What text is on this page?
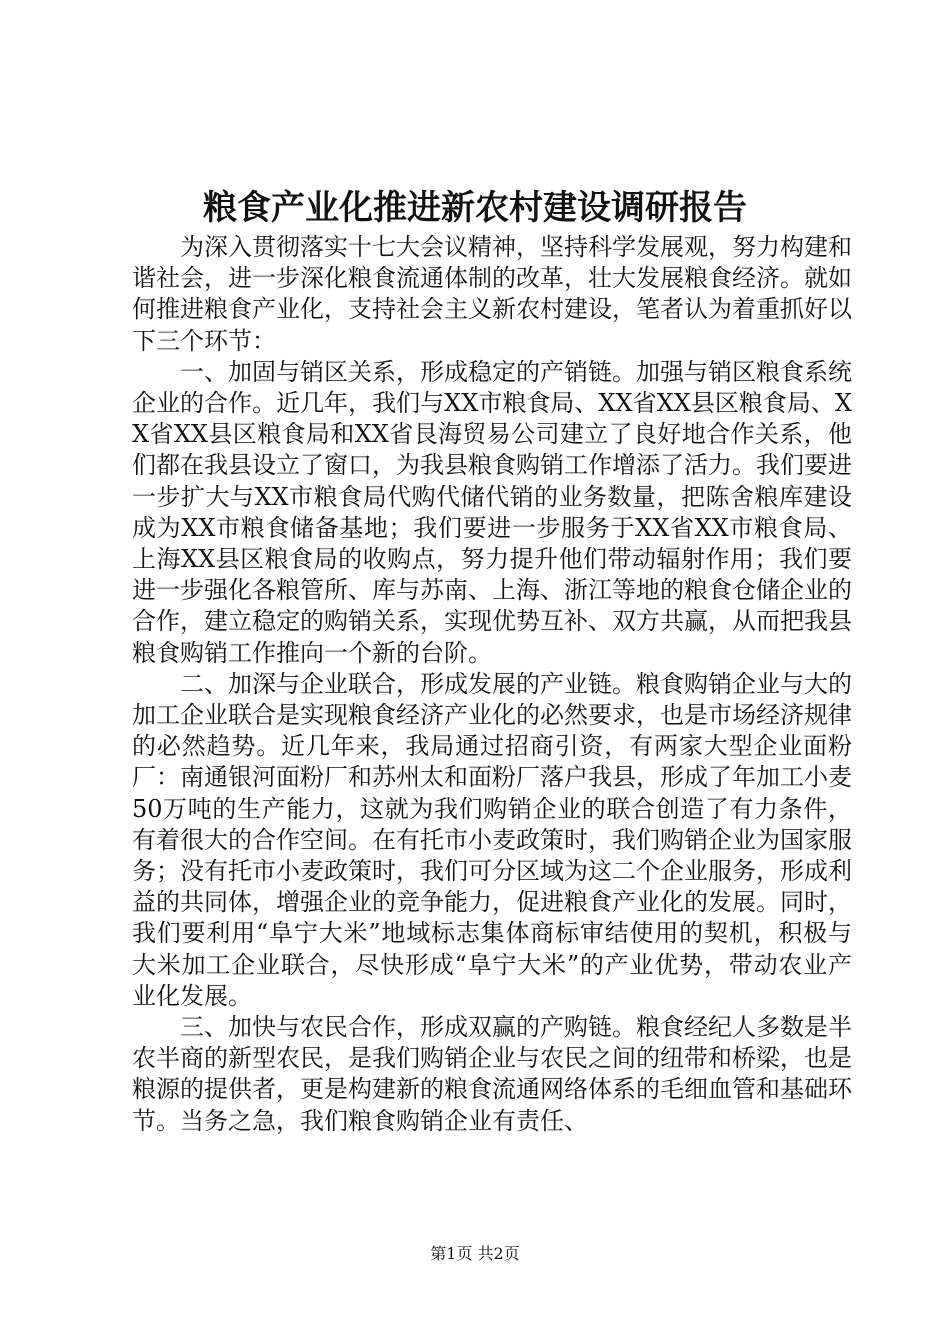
粮食产业化推进新农村建设调研报告

为深入贯彻落实十七大会议精神，坚持科学发展观，努力构建和谐社会，进一步深化粮食流通体制的改革，壮大发展粮食经济。就如何推进粮食产业化，支持社会主义新农村建设，笔者认为着重抓好以下三个环节：

一、加固与销区关系，形成稳定的产销链。加强与销区粮食系统企业的合作。近几年，我们与XX市粮食局、XX省XX县区粮食局、XX省XX县区粮食局和XX省艮海贸易公司建立了良好地合作关系，他们都在我县设立了窗口，为我县粮食购销工作增添了活力。我们要进一步扩大与XX市粮食局代购代储代销的业务数量，把陈舍粮库建设成为XX市粮食储备基地；我们要进一步服务于XX省XX市粮食局、上海XX县区粮食局的收购点，努力提升他们带动辐射作用；我们要进一步强化各粮管所、库与苏南、上海、浙江等地的粮食仓储企业的合作，建立稳定的购销关系，实现优势互补、双方共赢，从而把我县粮食购销工作推向一个新的台阶。

二、加深与企业联合，形成发展的产业链。粮食购销企业与大的加工企业联合是实现粮食经济产业化的必然要求，也是市场经济规律的必然趋势。近几年来，我局通过招商引资，有两家大型企业面粉厂：南通银河面粉厂和苏州太和面粉厂落户我县，形成了年加工小麦50万吨的生产能力，这就为我们购销企业的联合创造了有力条件，有着很大的合作空间。在有托市小麦政策时，我们购销企业为国家服务；没有托市小麦政策时，我们可分区域为这二个企业服务，形成利益的共同体，增强企业的竞争能力，促进粮食产业化的发展。同时，我们要利用“阜宁大米”地域标志集体商标审结使用的契机，积极与大米加工企业联合，尽快形成“阜宁大米”的产业优势，带动农业产业化发展。

三、加快与农民合作，形成双赢的产购链。粮食经纪人多数是半农半商的新型农民，是我们购销企业与农民之间的纽带和桥梁，也是粮源的提供者，更是构建新的粮食流通网络体系的毛细血管和基础环节。当务之急，我们粮食购销企业有责任、

第1页 共2页
